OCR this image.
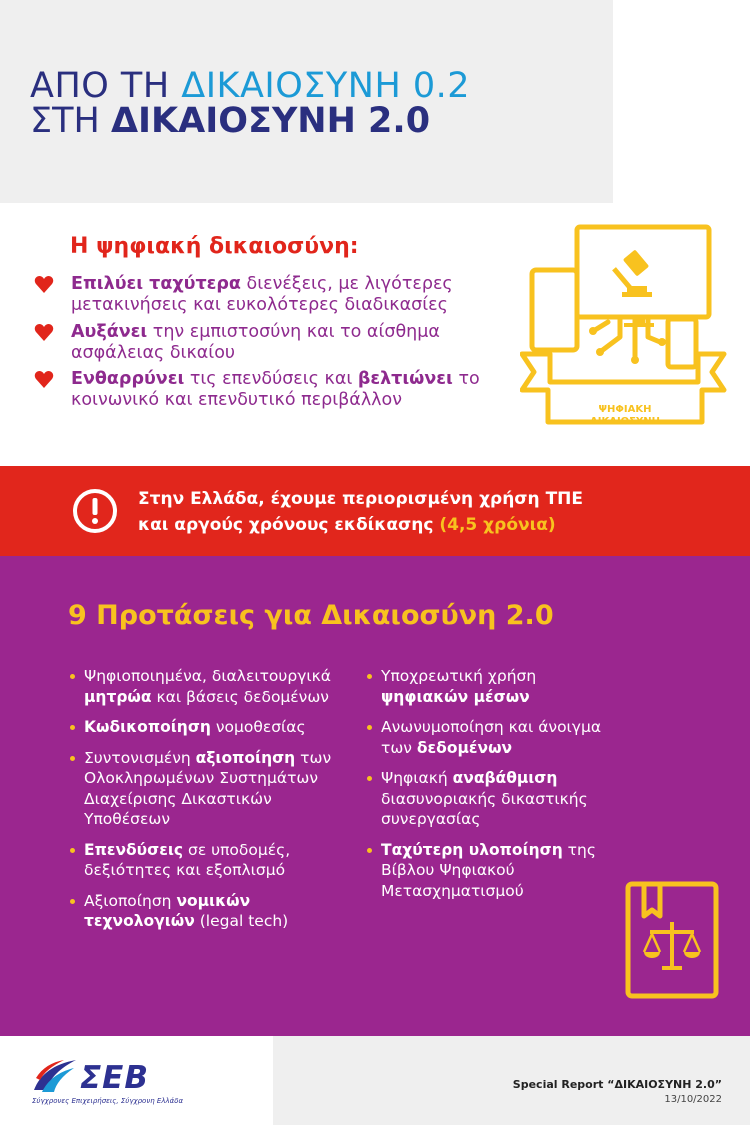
ΑΠΟ ΤΗ ΔΙΚΑΙΟΣΥΝΗ 0.2
ΣΤΗ ΔΙΚΑΙΟΣΥΝΗ 2.0
Η ψηφιακή δικαιοσύνη:
Επιλύει ταχύτερα διενέξεις, με λιγότερες μετακινήσεις και ευκολότερες διαδικασίες
Αυξάνει την εμπιστοσύνη και το αίσθημα ασφάλειας δικαίου
Ενθαρρύνει τις επενδύσεις και βελτιώνει το κοινωνικό και επενδυτικό περιβάλλον	ΨΗΦΙΑΚΗ
ΔΙΚΑΙΟΣΥΝΗ
Στην Ελλάδα, έχουμε περιορισμένη χρήση ΤΠΕ
και αργούς χρόνους εκδίκασης (4,5 χρόνια)
9 Προτάσεις για Δικαιοσύνη 2.0
Ψηφιοποιημένα, διαλειτουργικά μητρώα και βάσεις δεδομένων
Κωδικοποίηση νομοθεσίας
Συντονισμένη αξιοποίηση των Ολοκληρωμένων Συστημάτων Διαχείρισης Δικαστικών Υποθέσεων
Επενδύσεις σε υποδομές, δεξιότητες και εξοπλισμό
Αξιοποίηση νομικών τεχνολογιών (legal tech)
Υποχρεωτική χρήση ψηφιακών μέσων
Ανωνυμοποίηση και άνοιγμα των δεδομένων
Ψηφιακή αναβάθμιση διασυνοριακής δικαστικής συνεργασίας
Ταχύτερη υλοποίηση της Βίβλου Ψηφιακού Μετασχηματισμού
ΣΕΒ
Σύγχρονες Επιχειρήσεις, Σύγχρονη Ελλάδα
Special Report “ΔΙΚΑΙΟΣΥΝΗ 2.0”
13/10/2022
